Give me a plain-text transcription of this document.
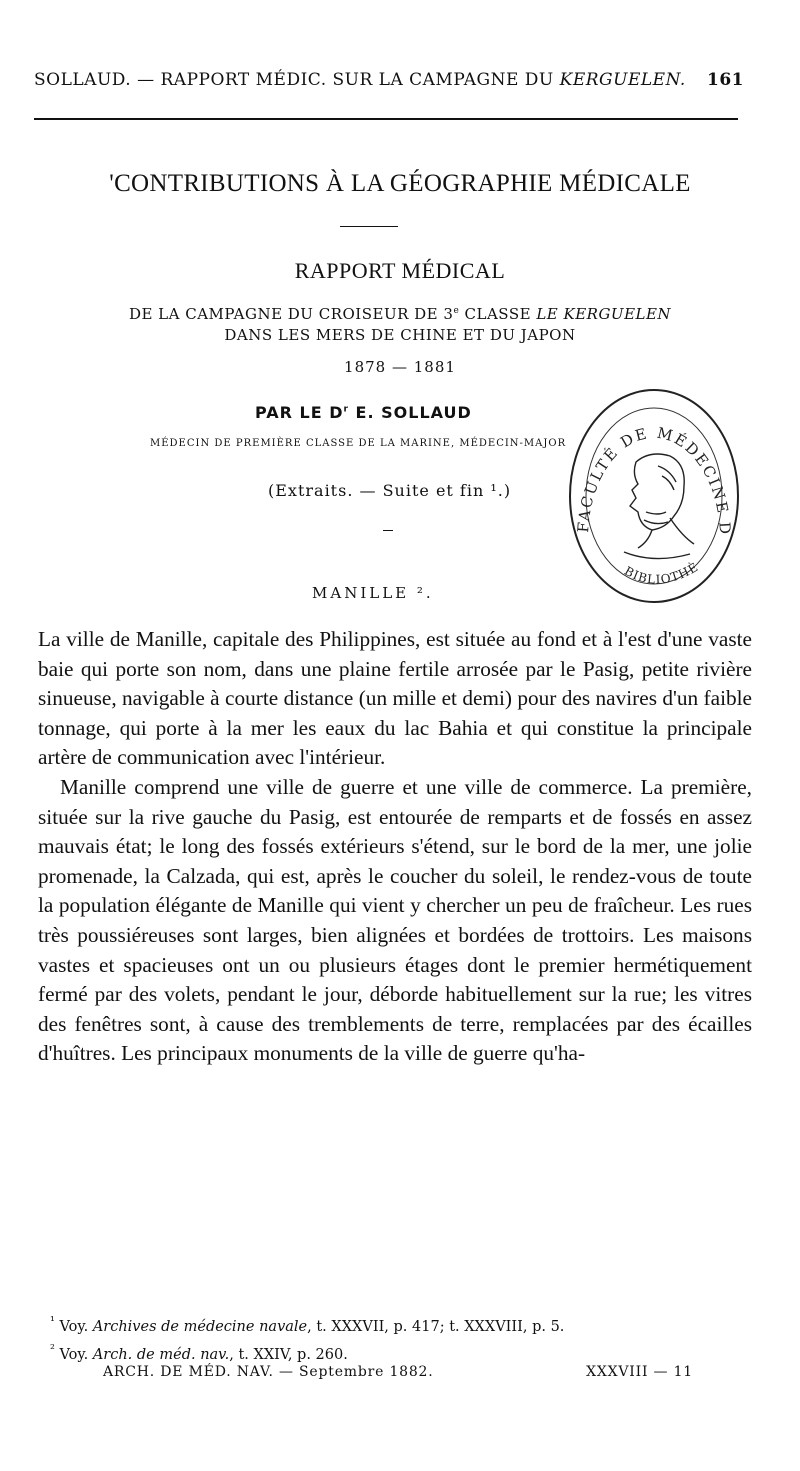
SOLLAUD. — RAPPORT MÉDIC. SUR LA CAMPAGNE DU KERGUELEN. 161
'CONTRIBUTIONS À LA GÉOGRAPHIE MÉDICALE
RAPPORT MÉDICAL
DE LA CAMPAGNE DU CROISEUR DE 3e CLASSE LE KERGUELEN
DANS LES MERS DE CHINE ET DU JAPON
1878 — 1881
PAR LE $D^r$ E. SOLLAUD
MÉDECIN DE PREMIÈRE CLASSE DE LA MARINE, MÉDECIN-MAJOR
(Extraits. — Suite et fin ¹.)
MANILLE ².
FACULTÉ DE MÉDECINE D
BIBLIOTHÈ

La ville de Manille, capitale des Philippines, est située au fond et à l'est d'une vaste baie qui porte son nom, dans une plaine fertile arrosée par le Pasig, petite rivière sinueuse, navigable à courte distance (un mille et demi) pour des navires d'un faible tonnage, qui porte à la mer les eaux du lac Bahia et qui constitue la principale artère de communication avec l'intérieur.

Manille comprend une ville de guerre et une ville de commerce. La première, située sur la rive gauche du Pasig, est entourée de remparts et de fossés en assez mauvais état; le long des fossés extérieurs s'étend, sur le bord de la mer, une jolie promenade, la Calzada, qui est, après le coucher du soleil, le rendez-vous de toute la population élégante de Manille qui vient y chercher un peu de fraîcheur. Les rues très poussiéreuses sont larges, bien alignées et bordées de trottoirs. Les maisons vastes et spacieuses ont un ou plusieurs étages dont le premier hermétiquement fermé par des volets, pendant le jour, déborde habituellement sur la rue; les vitres des fenêtres sont, à cause des tremblements de terre, remplacées par des écailles d'huîtres. Les principaux monuments de la ville de guerre qu'ha-

$^{^1}$ Voy. Archives de médecine navale, t. XXXVII, p. 417; t. XXXVIII, p. 5.
$^{^2}$ Voy. Arch. de méd. nav., t. XXIV, p. 260.
ARCH. DE MÉD. NAV. — Septembre 1882.	XXXVIII — 11
